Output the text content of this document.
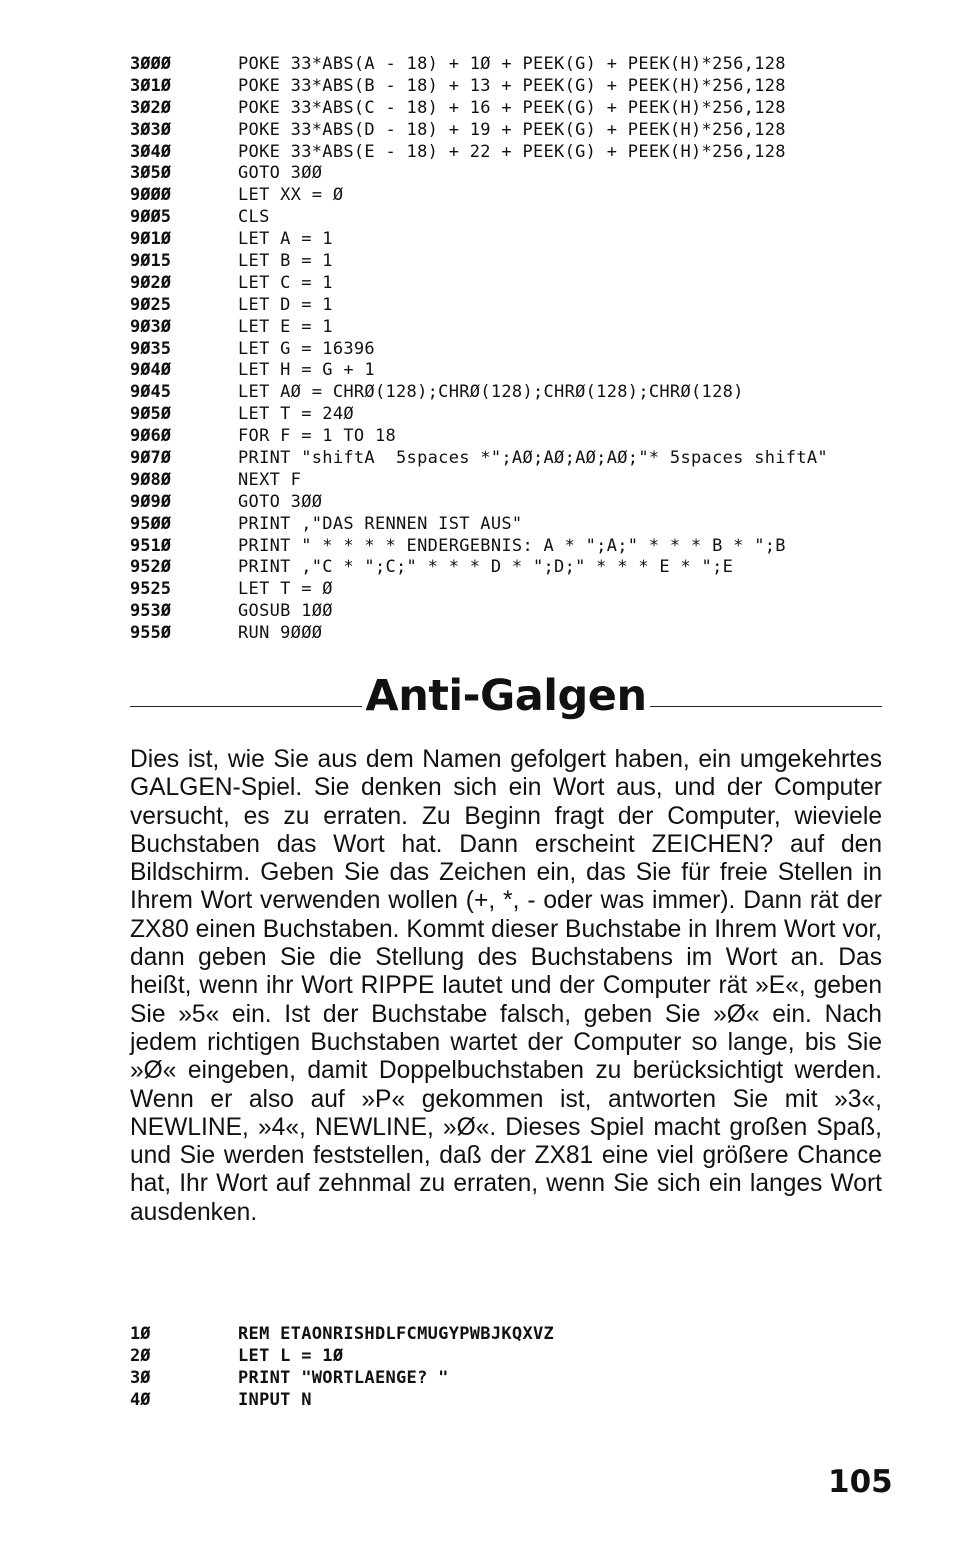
3ØØØ	POKE 33*ABS(A - 18) + 1Ø + PEEK(G) + PEEK(H)*256,128
3Ø1Ø	POKE 33*ABS(B - 18) + 13 + PEEK(G) + PEEK(H)*256,128
3Ø2Ø	POKE 33*ABS(C - 18) + 16 + PEEK(G) + PEEK(H)*256,128
3Ø3Ø	POKE 33*ABS(D - 18) + 19 + PEEK(G) + PEEK(H)*256,128
3Ø4Ø	POKE 33*ABS(E - 18) + 22 + PEEK(G) + PEEK(H)*256,128
3Ø5Ø	GOTO 3ØØ
9ØØØ	LET XX = Ø
9ØØ5	CLS
9Ø1Ø	LET A = 1
9Ø15	LET B = 1
9Ø2Ø	LET C = 1
9Ø25	LET D = 1
9Ø3Ø	LET E = 1
9Ø35	LET G = 16396
9Ø4Ø	LET H = G + 1
9Ø45	LET AØ = CHRØ(128);CHRØ(128);CHRØ(128);CHRØ(128)
9Ø5Ø	LET T = 24Ø
9Ø6Ø	FOR F = 1 TO 18
9Ø7Ø	PRINT "shiftA  5spaces *";AØ;AØ;AØ;AØ;"* 5spaces shiftA"
9Ø8Ø	NEXT F
9Ø9Ø	GOTO 3ØØ
95ØØ	PRINT ,"DAS RENNEN IST AUS"
951Ø	PRINT " * * * * ENDERGEBNIS: A * ";A;" * * * B * ";B
952Ø	PRINT ,"C * ";C;" * * * D * ";D;" * * * E * ";E
9525	LET T = Ø
953Ø	GOSUB 1ØØ
955Ø	RUN 9ØØØ
Anti-Galgen

Dies ist, wie Sie aus dem Namen gefolgert haben, ein umgekehrtes GALGEN-Spiel. Sie denken sich ein Wort aus, und der Computer versucht, es zu erraten. Zu Beginn fragt der Computer, wieviele Buchstaben das Wort hat. Dann erscheint ZEICHEN? auf den Bildschirm. Geben Sie das Zeichen ein, das Sie für freie Stellen in Ihrem Wort verwenden wollen (+, *, - oder was immer). Dann rät der ZX80 einen Buchstaben. Kommt dieser Buchstabe in Ihrem Wort vor, dann geben Sie die Stellung des Buchstabens im Wort an. Das heißt, wenn ihr Wort RIPPE lautet und der Computer rät »E«, geben Sie »5« ein. Ist der Buchstabe falsch, geben Sie »Ø« ein. Nach jedem richtigen Buchstaben wartet der Computer so lange, bis Sie »Ø« eingeben, damit Doppelbuchstaben zu berücksichtigt werden. Wenn er also auf »P« gekommen ist, antworten Sie mit »3«, NEWLINE, »4«, NEWLINE, »Ø«. Dieses Spiel macht großen Spaß, und Sie werden feststellen, daß der ZX81 eine viel größere Chance hat, Ihr Wort auf zehnmal zu erraten, wenn Sie sich ein langes Wort ausdenken.

1Ø	REM ETAONRISHDLFCMUGYPWBJKQXVZ
2Ø	LET L = 1Ø
3Ø	PRINT "WORTLAENGE? "
4Ø	INPUT N
105
